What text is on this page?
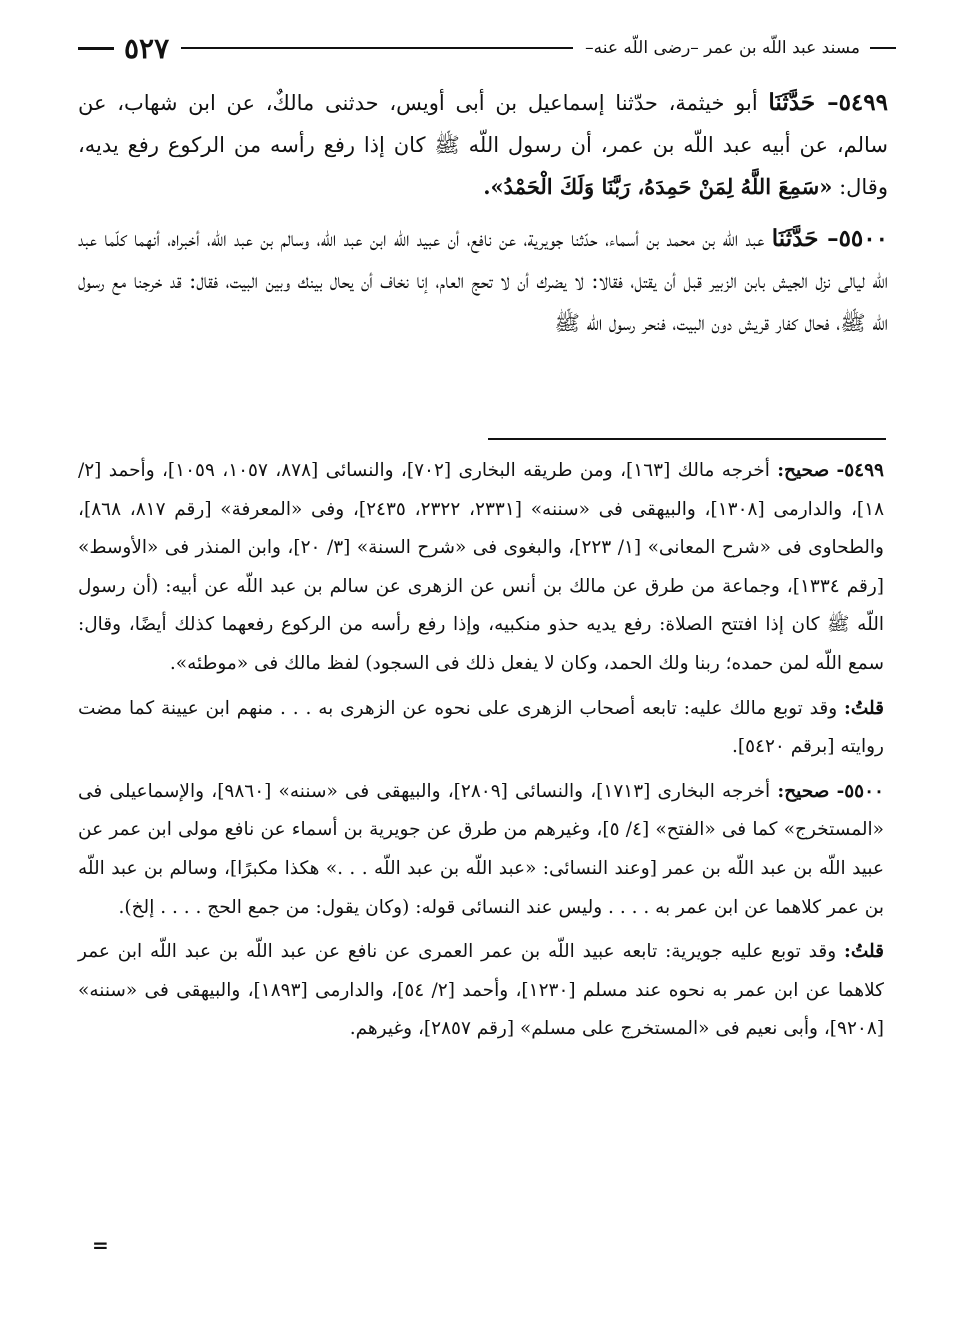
مسند عبد اللّه بن عمر –رضى اللّه عنه–
٥٢٧

٥٤٩٩– حَدَّثَنَا أبو خيثمة، حدّثنا إسماعيل بن أبى أويس، حدثنى مالكٌ، عن ابن شهاب، عن سالم، عن أبيه عبد اللّه بن عمر، أن رسول اللّه ﷺ كان إذا رفع رأسه من الركوع رفع يديه، وقال: «سَمِعَ اللَّهُ لِمَنْ حَمِدَهُ، رَبَّنَا وَلَكَ الْحَمْدُ».

٥٥٠٠– حَدَّثَنَا عبد اللّه بن محمد بن أسماء، حدّثنا جويرية، عن نافع، أن عبيد اللّه ابن عبد اللّه، وسالم بن عبد اللّه، أخبراه، أنهما كلّما عبد اللّه ليالى نزل الجيش بابن الزبير قبل أن يقتل، فقالا: لا يضرك أن لا تحج العام، إنا نخاف أن يحال بينك وبين البيت، فقال: قد خرجنا مع رسول اللّه ﷺ، فحال كفار قريش دون البيت، فنحر رسول اللّه ﷺ

٥٤٩٩- صحيح: أخرجه مالك [١٦٣]، ومن طريقه البخارى [٧٠٢]، والنسائى [٨٧٨، ١٠٥٧، ١٠٥٩]، وأحمد [٢/ ١٨]، والدارمى [١٣٠٨]، والبيهقى فى «سننه» [٢٣٣١، ٢٣٢٢، ٢٤٣٥]، وفى «المعرفة» [رقم ٨١٧، ٨٦٨]، والطحاوى فى «شرح المعانى» [١/ ٢٢٣]، والبغوى فى «شرح السنة» [٣/ ٢٠]، وابن المنذر فى «الأوسط» [رقم ١٣٣٤]، وجماعة من طرق عن مالك بن أنس عن الزهرى عن سالم بن عبد اللّه عن أبيه: (أن رسول اللّه ﷺ كان إذا افتتح الصلاة: رفع يديه حذو منكبيه، وإذا رفع رأسه من الركوع رفعهما كذلك أيضًا، وقال: سمع اللّه لمن حمده؛ ربنا ولك الحمد، وكان لا يفعل ذلك فى السجود) لفظ مالك فى «موطئه».

قلتُ: وقد توبع مالك عليه: تابعه أصحاب الزهرى على نحوه عن الزهرى به . . . منهم ابن عيينة كما مضت روايته [برقم ٥٤٢٠].

٥٥٠٠- صحيح: أخرجه البخارى [١٧١٣]، والنسائى [٢٨٠٩]، والبيهقى فى «سننه» [٩٨٦٠]، والإسماعيلى فى «المستخرج» كما فى «الفتح» [٤/ ٥]، وغيرهم من طرق عن جويرية بن أسماء عن نافع مولى ابن عمر عن عبيد اللّه بن عبد اللّه بن عمر [وعند النسائى: «عبد اللّه بن عبد اللّه . . .» هكذا مكبرًا]، وسالم بن عبد اللّه بن عمر كلاهما عن ابن عمر به . . . . وليس عند النسائى قوله: (وكان يقول: من جمع الحج . . . . إلخ).

قلتُ: وقد توبع عليه جويرية: تابعه عبيد اللّه بن عمر العمرى عن نافع عن عبد اللّه بن عبد اللّه ابن عمر كلاهما عن ابن عمر به نحوه عند مسلم [١٢٣٠]، وأحمد [٢/ ٥٤]، والدارمى [١٨٩٣]، والبيهقى فى «سننه» [٩٢٠٨]، وأبى نعيم فى «المستخرج على مسلم» [رقم ٢٨٥٧]، وغيرهم.

=
